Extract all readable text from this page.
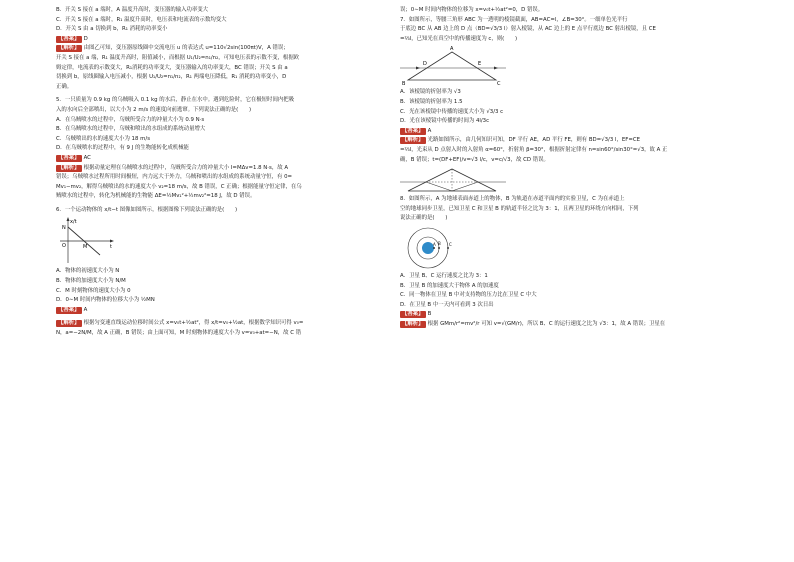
B．开关 S 接在 a 端时，A 温度升高时，变压器的输入功率变大
C．开关 S 接在 a 端时，R₁ 温度升高时，电压表和电流表的示数均变大
D．开关 S 由 a 切换到 b，R₁ 消耗的功率变小
【答案】 D
【解析】 由图乙可知，变压器原线圈中交流电压 u 的表达式 u=110√2sin(100πt)V，A 错误；
开关 S 接在 a 端，R₁ 温度升高时，阻值减小，而根据 U₁/U₂=n₁/n₂，可知电压表的示数不变，根据欧
姆定律，电流表的示数变大，R₁消耗的功率变大，变压器输入的功率变大，BC 错误；开关 S 由 a
切换到 b，原线圈输入电压减小，根据 U₁/U₂=n₁/n₂，R₁ 两端电压降低，R₁ 消耗的功率变小，D
正确。
5．一只质量为 0.9 kg 的乌贼吸入 0.1 kg 的水后，静止在水中。遇到危险时，它在极短时间内把吸
入的水向后全部喷出，以大小为 2 m/s 的速度向前逃窜。下列说法正确的是(　　)
A．在乌贼喷水的过程中，乌贼所受合力的冲量大小为 0.9 N·s
B．在乌贼喷水的过程中，乌贼和喷出的水组成的系统动量增大
C．乌贼喷出的水的速度大小为 18 m/s
D．在乌贼喷水的过程中，有 9 J 的生物能转化成机械能
【答案】 AC
【解析】 根据动量定理在乌贼喷水的过程中，乌贼所受合力的冲量大小 I=MΔv=1.8 N·s，故 A
错误；乌贼喷水过程所用时间极短，内力远大于外力，乌贼和喷出的水组成的系统动量守恒，有 0=
Mv₁−mv₂，解得乌贼喷出的水的速度大小 v₂=18 m/s，故 B 错误，C 正确；根据能量守恒定律，在乌
贼喷水的过程中，转化为机械能的生物能 ΔE=½Mv₁²+½mv₂²=18 J，故 D 错误。
6．一个运动物体的 x/t−t 图像如图所示，根据图像下列说法正确的是(　　)
x/t
t
N
M
O
A．物体的初速度大小为 N
B．物体的加速度大小为 N/M
C．M 时刻物体的速度大小为 0
D．0∼M 时间内物体的位移大小为 ½MN
【答案】 A
【解析】 根据匀变速直线运动位移时间公式 x=v₀t+½at²，得 x/t=v₀+½at，根据数学知识可得 v₀=
N，a=−2N/M，故 A 正确，B 错误；由上面可知，M 时刻物体的速度大小为 v=v₀+at=−N，故 C 错
误；0∼M 时间内物体的位移为 x=v₀t+½at²=0，D 错误。
7．如图所示，等腰三角形 ABC 为一透明的棱镜截面，AB=AC=l，∠B=30°。一细单色光平行
于底边 BC 从 AB 边上的 D 点（BD=√3/3 l）射入棱镜，从 AC 边上的 E 点平行底边 BC 射出棱镜，且 CE
=⅔l，已知光在真空中的传播速度为 c，则(　　)
A
B	C
D	E
A．该棱镜的折射率为 √3
B．该棱镜的折射率为 1.5
C．光在该棱镜中传播的速度大小为 √3/3 c
D．光在该棱镜中传播的时间为 4l/3c
【答案】 A
【解析】 光路如图所示，由几何知识可知，DF 平行 AE，AD 平行 FE，则有 BD=√3/3 l，EF=CE
=⅔l，光束从 D 点射入时的入射角 α=60°，折射角 β=30°，根据折射定律有 n=sin60°/sin30°=√3，故 A 正
确，B 错误；t=(DF+EF)/v=√3 l/c，v=c/√3，故 CD 错误。
8．如图所示，A 为地球表面赤道上的物体，B 为轨道在赤道平面内的实验卫星，C 为在赤道上
空的地球同步卫星，已知卫星 C 和卫星 B 的轨道半径之比为 3：1，且两卫星的环绕方向相同，下列
说法正确的是(　　)
A B C
A．卫星 B、C 运行速度之比为 3：1
B．卫星 B 的加速度大于物体 A 的加速度
C．同一物体在卫星 B 中对支持物的压力比在卫星 C 中大
D．在卫星 B 中一天内可看到 3 次日出
【答案】 B
【解析】 根据 GMm/r²=mv²/r 可知 v=√(GM/r)，所以 B、C 的运行速度之比为 √3：1，故 A 错误；卫星在
